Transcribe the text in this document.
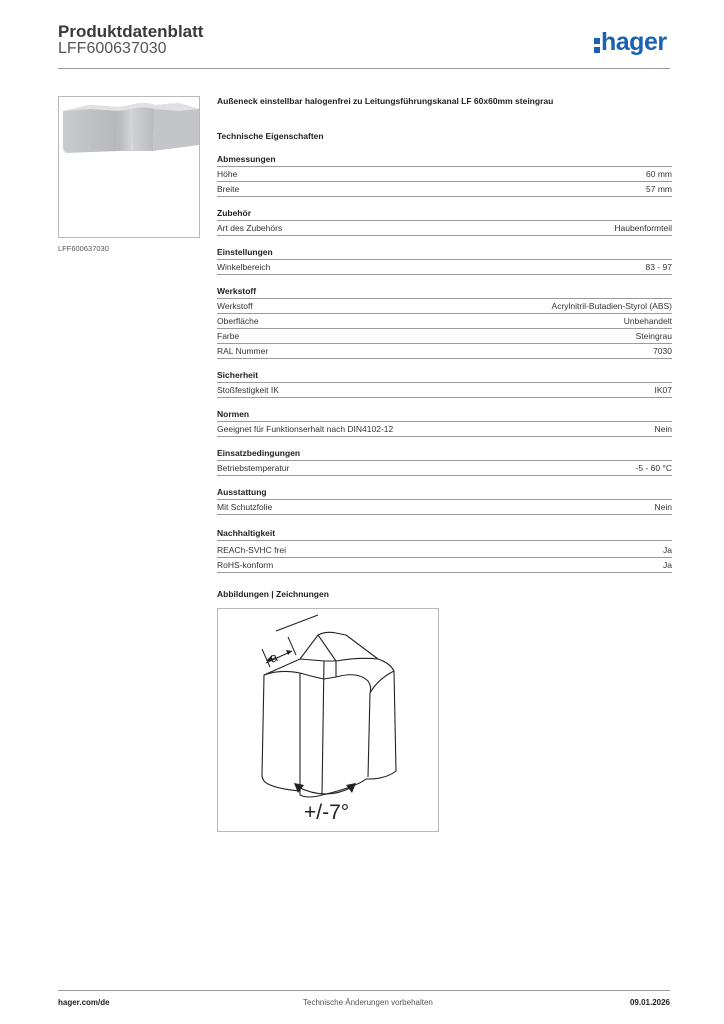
Produktdatenblatt
LFF600637030	hager
LFF600637030
Außeneck einstellbar halogenfrei zu Leitungsführungskanal LF 60x60mm steingrau
Technische Eigenschaften
Abmessungen
Höhe	60 mm
Breite	57 mm
Zubehör
Art des Zubehörs	Haubenformteil
Einstellungen
Winkelbereich	83 - 97
Werkstoff
Werkstoff	Acrylnitril-Butadien-Styrol (ABS)
Oberfläche	Unbehandelt
Farbe	Steingrau
RAL Nummer	7030
Sicherheit
Stoßfestigkeit IK	IK07
Normen
Geeignet für Funktionserhalt nach DIN4102-12	Nein
Einsatzbedingungen
Betriebstemperatur	-5 - 60 °C
Ausstattung
Mit Schutzfolie	Nein
Nachhaltigkeit
REACh-SVHC frei	Ja
RoHS-konform	Ja
Abbildungen | Zeichnungen
a
+/-7°
hager.com/de	Technische Änderungen vorbehalten	09.01.2026
